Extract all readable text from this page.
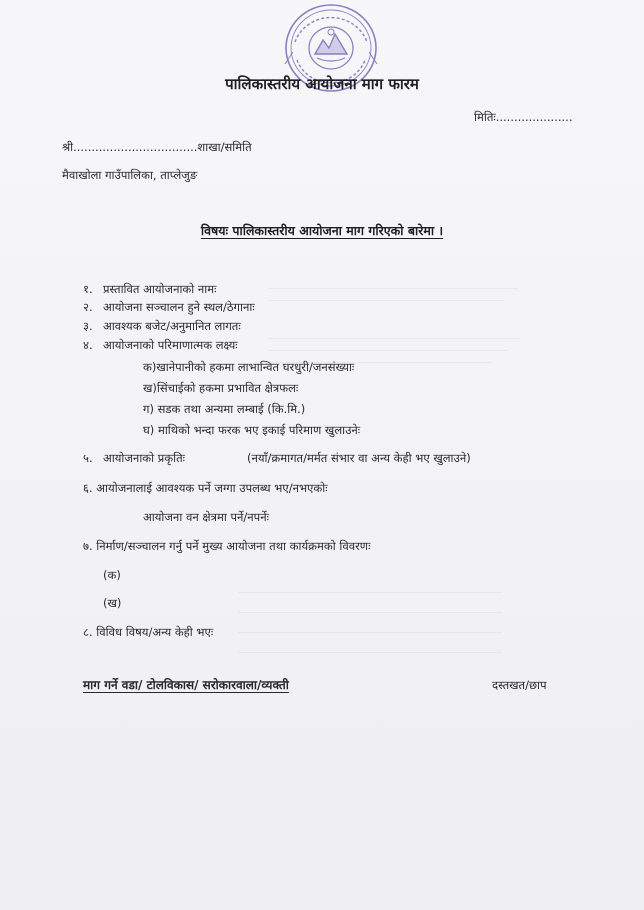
पालिकास्तरीय आयोजना माग फारम
मितिः.....................
श्री..................................शाखा/समिति
मैवाखोला गाउँपालिका, ताप्लेजुङ
विषयः पालिकास्तरीय आयोजना माग गरिएको बारेमा ।
१. प्रस्तावित आयोजनाको नामः
२. आयोजना सञ्चालन हुने स्थल/ठेगानाः
३. आवश्यक बजेट/अनुमानित लागतः
४. आयोजनाको परिमाणात्मक लक्ष्यः
क)खानेपानीको हकमा लाभान्वित घरधुरी/जनसंख्याः
ख)सिंचाईको हकमा प्रभावित क्षेत्रफलः
ग) सडक तथा अन्यमा लम्बाई (कि.मि.)
घ) माथिको भन्दा फरक भए इकाई परिमाण खुलाउनेः
५. आयोजनाको प्रकृतिः	(नयाँ/क्रमागत/मर्मत संभार वा अन्य केही भए खुलाउने)
६. आयोजनालाई आवश्यक पर्ने जग्गा उपलब्ध भए/नभएकोः
आयोजना वन क्षेत्रमा पर्ने/नपर्नेः
७. निर्माण/सञ्चालन गर्नु पर्ने मुख्य आयोजना तथा कार्यक्रमको विवरणः
(क)
(ख)
८. विविध विषय/अन्य केही भएः
माग गर्ने वडा/ टोलविकास/ सरोकारवाला/व्यक्ती	दस्तखत/छाप
